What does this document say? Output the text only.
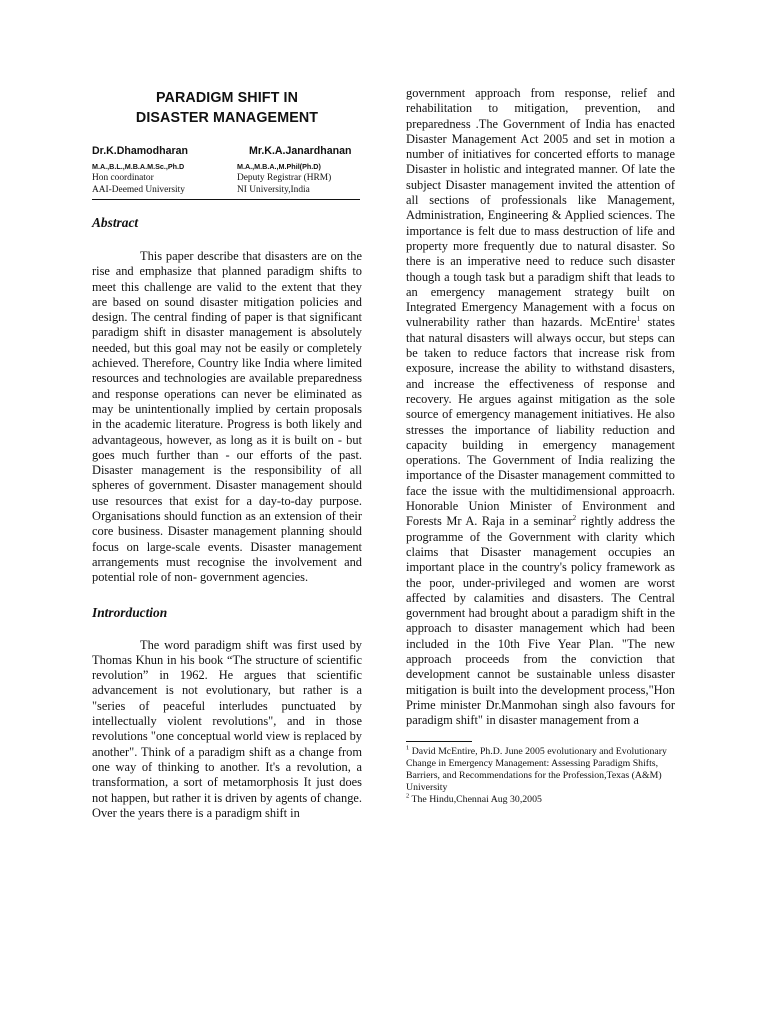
PARADIGM SHIFT IN
DISASTER MANAGEMENT

Dr.K.Dhamodharan
M.A.,B.L.,M.B.A.M.Sc.,Ph.D
Hon coordinator
AAI-Deemed University
Mr.K.A.Janardhanan
M.A.,M.B.A.,M.Phil(Ph.D)
Deputy Registrar (HRM)
NI University,India
Abstract

This paper describe that disasters are on the rise and emphasize that planned paradigm shifts to meet this challenge are valid to the extent that they are based on sound disaster mitigation policies and design. The central finding of paper is that significant paradigm shift in disaster management is absolutely needed, but this goal may not be easily or completely achieved. Therefore, Country like India where limited resources and technologies are available preparedness and response operations can never be eliminated as may be unintentionally implied by certain proposals in the academic literature. Progress is both likely and advantageous, however, as long as it is built on - but goes much further than - our efforts of the past. Disaster management is the responsibility of all spheres of government. Disaster management should use resources that exist for a day-to-day purpose. Organisations should function as an extension of their core business. Disaster management planning should focus on large-scale events. Disaster management arrangements must recognise the involvement and potential role of non- government agencies.

Introrduction

The word paradigm shift was first used by Thomas Khun in his book “The structure of scientific revolution” in 1962. He argues that scientific advancement is not evolutionary, but rather is a "series of peaceful interludes punctuated by intellectually violent revolutions", and in those revolutions "one conceptual world view is replaced by another". Think of a paradigm shift as a change from one way of thinking to another. It's a revolution, a transformation, a sort of metamorphosis It just does not happen, but rather it is driven by agents of change. Over the years there is a paradigm shift in

government approach from response, relief and rehabilitation to mitigation, prevention, and preparedness .The Government of India has enacted Disaster Management Act 2005 and set in motion a number of initiatives for concerted efforts to manage Disaster in holistic and integrated manner. Of late the subject Disaster management invited the attention of all sections of professionals like Management, Administration, Engineering & Applied sciences. The importance is felt due to mass destruction of life and property more frequently due to natural disaster. So there is an imperative need to reduce such disaster though a tough task but a paradigm shift that leads to an emergency management strategy built on Integrated Emergency Management with a focus on vulnerability rather than hazards. McEntire$^1$ states that natural disasters will always occur, but steps can be taken to reduce factors that increase risk from exposure, increase the ability to withstand disasters, and increase the effectiveness of response and recovery. He argues against mitigation as the sole source of emergency management initiatives. He also stresses the importance of liability reduction and capacity building in emergency management operations. The Government of India realizing the importance of the Disaster management committed to face the issue with the multidimensional approacrh. Honorable Union Minister of Environment and Forests Mr A. Raja in a seminar$^2$ rightly address the programme of the Government with clarity which claims that Disaster management occupies an important place in the country's policy framework as the poor, under-privileged and women are worst affected by calamities and disasters. The Central government had brought about a paradigm shift in the approach to disaster management which had been included in the 10th Five Year Plan. "The new approach proceeds from the conviction that development cannot be sustainable unless disaster mitigation is built into the development process,"Hon Prime minister Dr.Manmohan singh also favours for paradigm shift" in disaster management from a

$^1$ David McEntire, Ph.D. June 2005 evolutionary and Evolutionary Change in Emergency Management: Assessing Paradigm Shifts, Barriers, and Recommendations for the Profession,Texas (A&M) University

$^2$ The Hindu,Chennai Aug 30,2005
